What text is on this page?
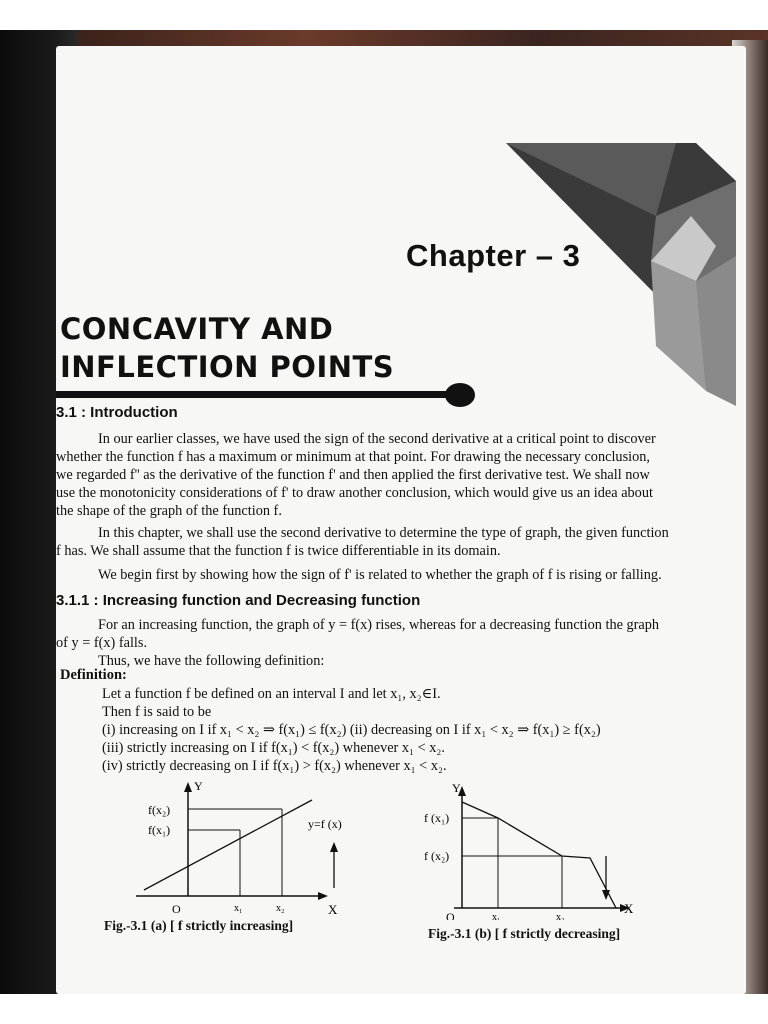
Chapter – 3
CONCAVITY AND
INFLECTION POINTS
3.1 : Introduction
In our earlier classes, we have used the sign of the second derivative at a critical point to discover
whether the function f has a maximum or minimum at that point. For drawing the necessary conclusion,
we regarded f'' as the derivative of the function f' and then applied the first derivative test. We shall now
use the monotonicity considerations of f' to draw another conclusion, which would give us an idea about
the shape of the graph of the function f.
In this chapter, we shall use the second derivative to determine the type of graph, the given function
f has. We shall assume that the function f is twice differentiable in its domain.
We begin first by showing how the sign of f' is related to whether the graph of f is rising or falling.
3.1.1 : Increasing function and Decreasing function
For an increasing function, the graph of y = f(x) rises, whereas for a decreasing function the graph
of y = f(x) falls.
Thus, we have the following definition:
Definition:
Let a function f be defined on an interval I and let x₁, x₂∈I.
Then f is said to be
(i) increasing on I if x₁ < x₂ ⇒ f(x₁) ≤ f(x₂) (ii) decreasing on I if x₁ < x₂ ⇒ f(x₁) ≥ f(x₂)
(iii) strictly increasing on I if f(x₁) < f(x₂) whenever x₁ < x₂.
(iv) strictly decreasing on I if f(x₁) > f(x₂) whenever x₁ < x₂.
Y
X
O
f(x₂)
f(x₁)
x₁	x₂
y=f (x)
Fig.-3.1 (a) [ f strictly increasing]
Y
X
O
f (x₁)
f (x₂)
x₁	x₂
Fig.-3.1 (b) [ f strictly decreasing]
